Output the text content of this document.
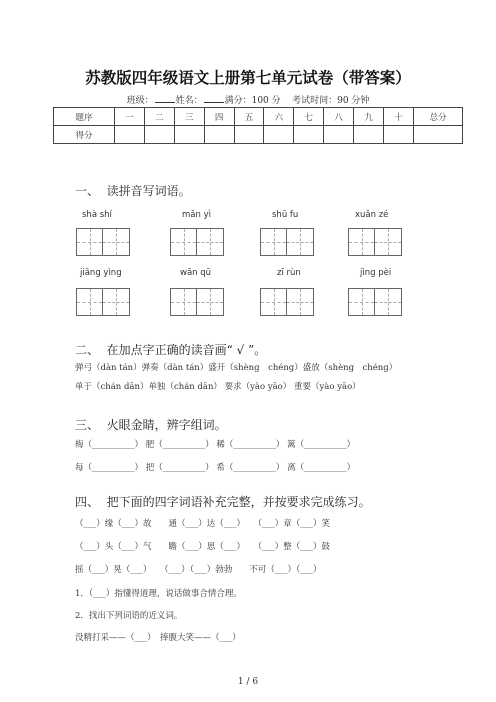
苏教版四年级语文上册第七单元试卷（带答案）
班级： 姓名： 满分：100 分 考试时间：90 分钟
题序	一	二	三	四	五	六	七	八	九	十	总分
得分											
一、 读拼音写词语。
shà shí	mǎn yì	shū fu	xuǎn zé
jiāng yìng	wān qū	zī rùn	jìng pèi
二、 在加点字正确的读音画“ √ ”。
弹弓（dàn tán）弹奏（dàn tán）盛开（shèng　chéng）盛放（shèng　chéng）
单于（chán dān）单独（chán dān） 要求（yào yāo） 重要（yào yāo）
三、 火眼金睛，辨字组词。
梅（__________） 肥（__________） 稀（__________） 篱（__________）
每（__________） 把（__________） 希（__________） 离（__________）
四、 把下面的四字词语补充完整，并按要求完成练习。
（___）缘（___）故　　通（___）达（___）　　（___）章（___）笑
（___）头（___）气　　瞻（___）思（___）　　（___）整（___）鼓
摇（___）晃（___）　　（___）（___）勃勃　　不可（___）（___）
1．（___）指懂得道理，说话做事合情合理。
2．找出下列词语的近义词。
没精打采——（___）　捧腹大笑——（___）
1 / 6
